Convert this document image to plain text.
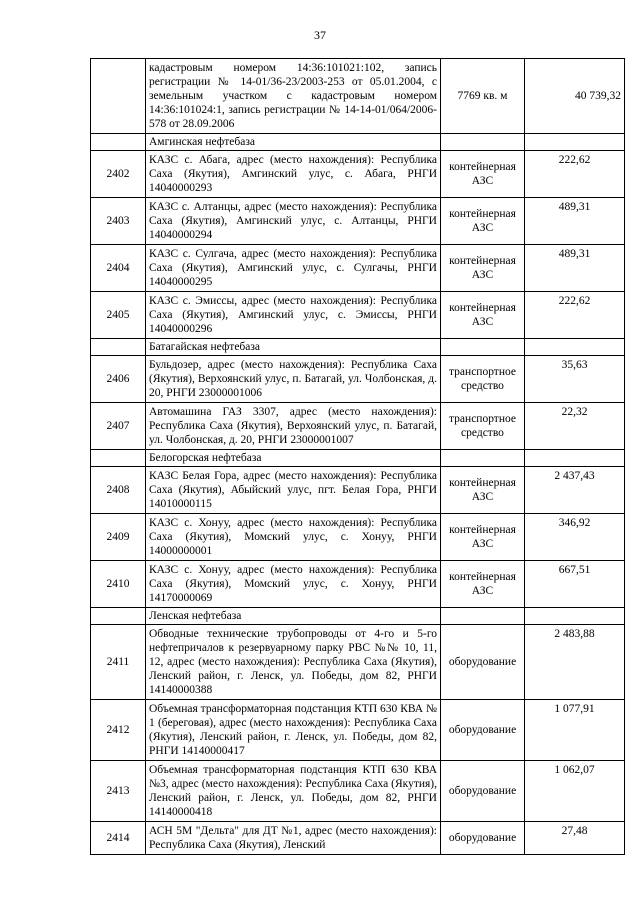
37
	кадастровым номером 14:36:101021:102, запись регистрации № 14-01/36-23/2003-253 от 05.01.2004, с земельным участком с кадастровым номером 14:36:101024:1, запись регистрации № 14-14-01/064/2006-578 от 28.09.2006	7769 кв. м	40 739,32
	Амгинская нефтебаза		
2402	КАЗС с. Абага, адрес (место нахождения): Республика Саха (Якутия), Амгинский улус, с. Абага, РНГИ 14040000293	контейнерная АЗС	222,62
2403	КАЗС с. Алтанцы, адрес (место нахождения): Республика Саха (Якутия), Амгинский улус, с. Алтанцы, РНГИ 14040000294	контейнерная АЗС	489,31
2404	КАЗС с. Сулгача, адрес (место нахождения): Республика Саха (Якутия), Амгинский улус, с. Сулгачы, РНГИ 14040000295	контейнерная АЗС	489,31
2405	КАЗС с. Эмиссы, адрес (место нахождения): Республика Саха (Якутия), Амгинский улус, с. Эмиссы, РНГИ 14040000296	контейнерная АЗС	222,62
	Батагайская нефтебаза		
2406	Бульдозер, адрес (место нахождения): Республика Саха (Якутия), Верхоянский улус, п. Батагай, ул. Чолбонская, д. 20, РНГИ 23000001006	транспортное средство	35,63
2407	Автомашина ГАЗ 3307, адрес (место нахождения): Республика Саха (Якутия), Верхоянский улус, п. Батагай, ул. Чолбонская, д. 20, РНГИ 23000001007	транспортное средство	22,32
	Белогорская нефтебаза		
2408	КАЗС Белая Гора, адрес (место нахождения): Республика Саха (Якутия), Абыйский улус, пгт. Белая Гора, РНГИ 14010000115	контейнерная АЗС	2 437,43
2409	КАЗС с. Хонуу, адрес (место нахождения): Республика Саха (Якутия), Момский улус, с. Хонуу, РНГИ 14000000001	контейнерная АЗС	346,92
2410	КАЗС с. Хонуу, адрес (место нахождения): Республика Саха (Якутия), Момский улус, с. Хонуу, РНГИ 14170000069	контейнерная АЗС	667,51
	Ленская нефтебаза		
2411	Обводные технические трубопроводы от 4-го и 5-го нефтепричалов к резервуарному парку РВС №№ 10, 11, 12, адрес (место нахождения): Республика Саха (Якутия), Ленский район, г. Ленск, ул. Победы, дом 82, РНГИ 14140000388	оборудование	2 483,88
2412	Объемная трансформаторная подстанция КТП 630 КВА № 1 (береговая), адрес (место нахождения): Республика Саха (Якутия), Ленский район, г. Ленск, ул. Победы, дом 82, РНГИ 14140000417	оборудование	1 077,91
2413	Объемная трансформаторная подстанция КТП 630 КВА №3, адрес (место нахождения): Республика Саха (Якутия), Ленский район, г. Ленск, ул. Победы, дом 82, РНГИ 14140000418	оборудование	1 062,07
2414	АСН 5М "Дельта" для ДТ №1, адрес (место нахождения): Республика Саха (Якутия), Ленский	оборудование	27,48
